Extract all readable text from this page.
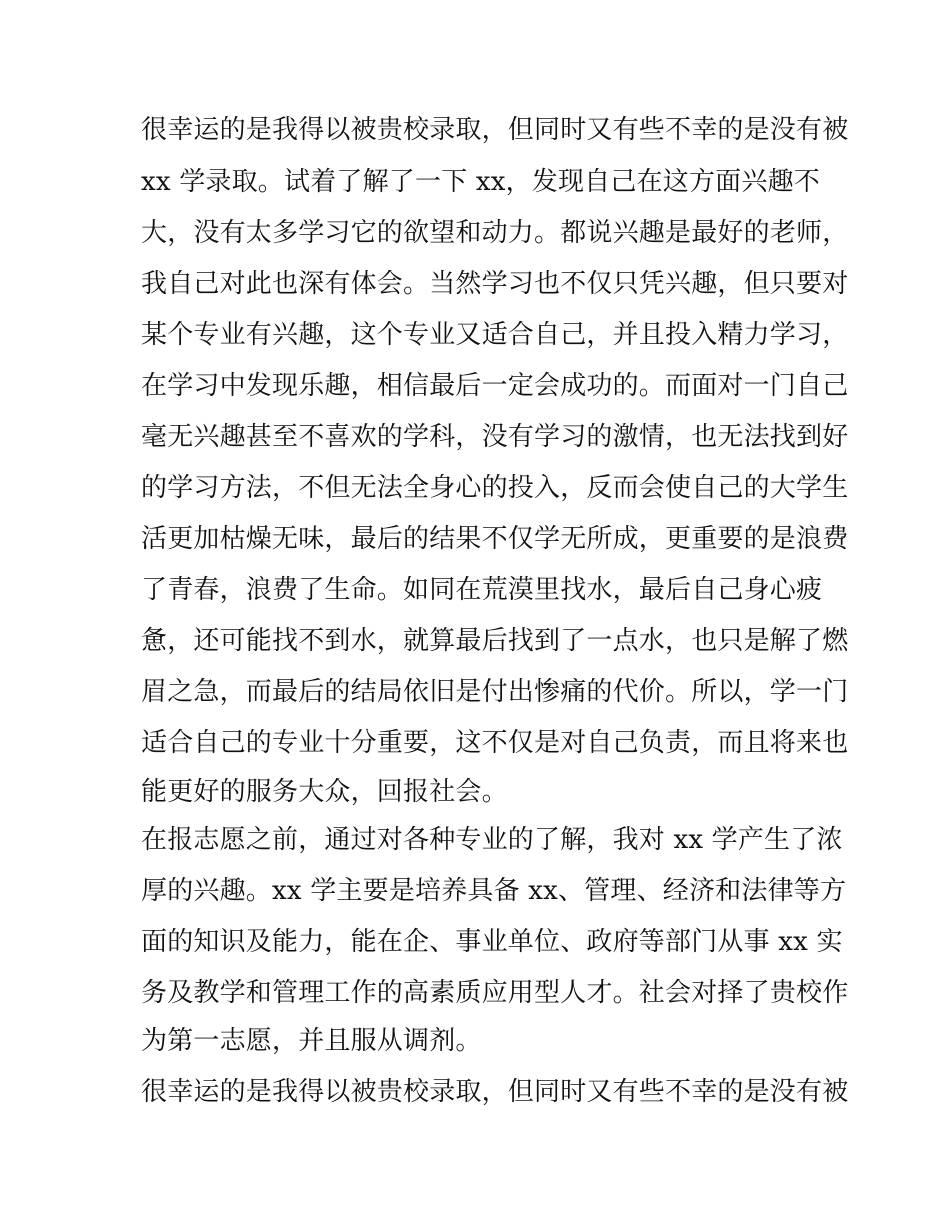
很幸运的是我得以被贵校录取，但同时又有些不幸的是没有被
xx 学录取。试着了解了一下 xx，发现自己在这方面兴趣不
大，没有太多学习它的欲望和动力。都说兴趣是最好的老师，
我自己对此也深有体会。当然学习也不仅只凭兴趣，但只要对
某个专业有兴趣，这个专业又适合自己，并且投入精力学习，
在学习中发现乐趣，相信最后一定会成功的。而面对一门自己
毫无兴趣甚至不喜欢的学科，没有学习的激情，也无法找到好
的学习方法，不但无法全身心的投入，反而会使自己的大学生
活更加枯燥无味，最后的结果不仅学无所成，更重要的是浪费
了青春，浪费了生命。如同在荒漠里找水，最后自己身心疲
惫，还可能找不到水，就算最后找到了一点水，也只是解了燃
眉之急，而最后的结局依旧是付出惨痛的代价。所以，学一门
适合自己的专业十分重要，这不仅是对自己负责，而且将来也
能更好的服务大众，回报社会。
在报志愿之前，通过对各种专业的了解，我对 xx 学产生了浓
厚的兴趣。xx 学主要是培养具备 xx、管理、经济和法律等方
面的知识及能力，能在企、事业单位、政府等部门从事 xx 实
务及教学和管理工作的高素质应用型人才。社会对择了贵校作
为第一志愿，并且服从调剂。
很幸运的是我得以被贵校录取，但同时又有些不幸的是没有被
